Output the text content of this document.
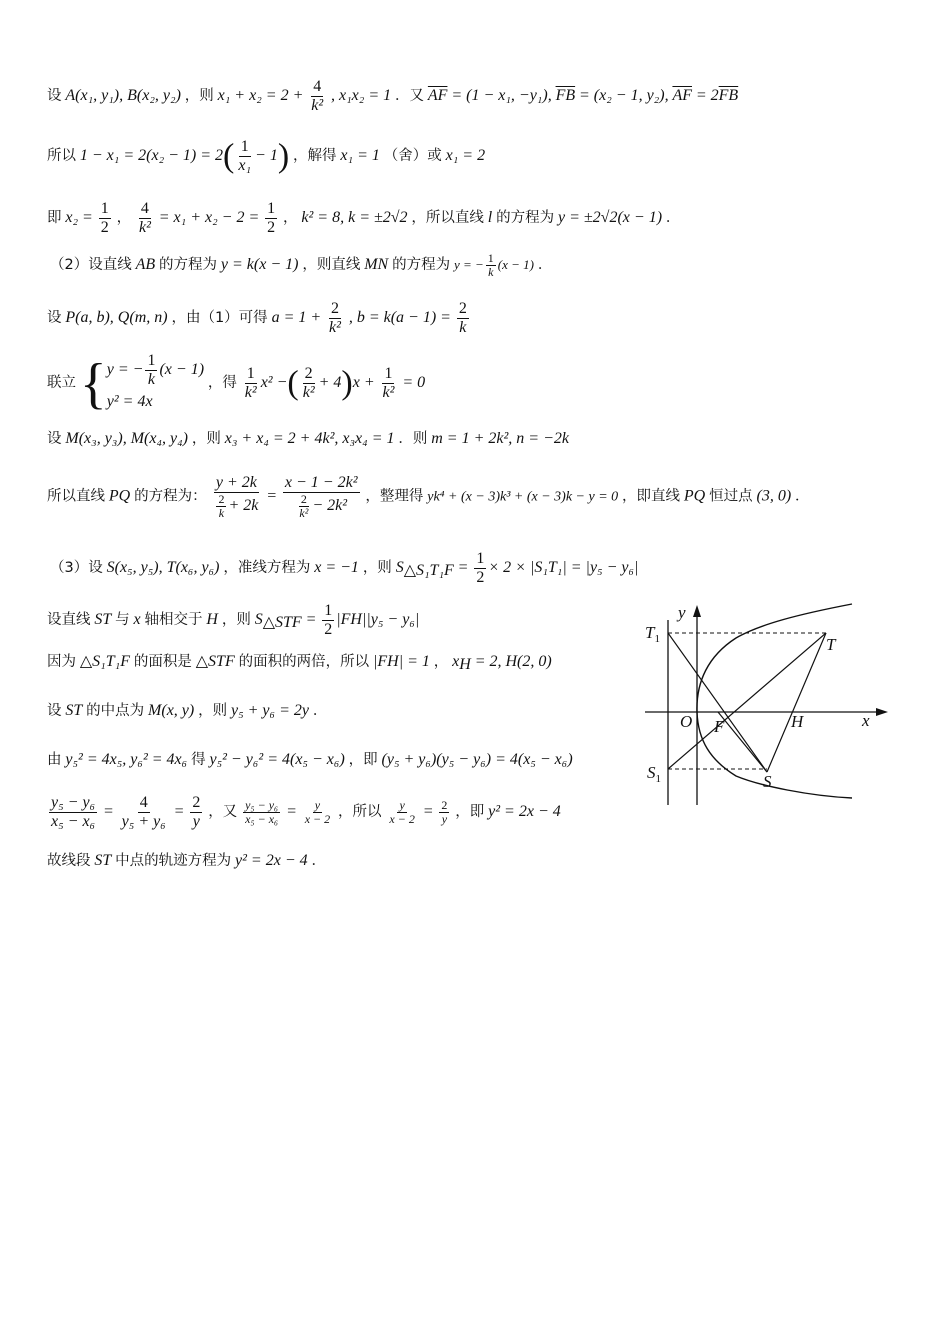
设 A(x₁, y₁), B(x₂, y₂) ，则 $x_1 + x_2 = 2 + \frac{4}{\text{k²}}$ , x₁x₂ = 1 ．又 $\overline{AF} = (1 - x_1$, −y₁), $\overline{FB} = (x_2 - 1$, y₂), $\overline{AF} = 2\overline{FB}$
所以 $1 - x_1 = 2(x_2 - 1) = 2( \frac{1}{\text{x₁}} - 1)$ ，解得 x₁ = 1 （舍）或 x₁ = 2
即 $x_2 = \frac{1}{2}$ ， $\frac{4}{\text{k²}} = x_1 + x_2 - 2 = \frac{1}{2}$ ， k² = 8, k = ±2√2 ，所以直线 l 的方程为 y = ±2√2(x − 1) ．
（2）设直线 AB 的方程为 y = k(x − 1) ，则直线 MN 的方程为 y = − $\frac{1}{k} (x - 1)$ ．
设 P(a, b), Q(m, n) ，由（1）可得 $a = 1 + \frac{2}{\text{k²}}$ , $b = k(a - 1) = \frac{2}{k}$
联立 { y = − $\frac{1}{k} (x - 1)$
y² = 4x
，得 $\frac{1}{\text{k²}} x^2$ −( $\frac{2}{\text{k²}} + 4)x + \frac{1}{\text{k²}} = 0$
设 M(x₃, y₃), M(x₄, y₄) ，则 x₃ + x₄ = 2 + 4k², x₃x₄ = 1 ．则 m = 1 + 2k², n = −2k
所以直线 PQ 的方程为： $\frac{y + 2k}{\frac{2}{k} + 2k} = \frac{\text{x − 1 − 2k²}}{\frac{2}{\text{k²}} - 2k^2}$ ，整理得 yk⁴ + (x − 3)k³ + (x − 3)k − y = 0 ，即直线 PQ 恒过点 (3, 0) ．
（3）设 S(x₅, y₅), T(x₆, y₆) ，准线方程为 x = −1 ，则 $S_{\triangle S_1T_1F} = \frac{1}{2} \times 2 \times |S_1T_1| = |y_5 - y_6|$
设直线 ST 与 x 轴相交于 H ，则 $S_{\triangle STF} = \frac{1}{2} |FH||y_5 - y_6|$
因为 △S₁T₁F 的面积是 △STF 的面积的两倍，所以 |FH| = 1 ， $x_H = 2$, H(2, 0)
设 ST 的中点为 M(x, y) ，则 y₅ + y₆ = 2y ．
由 y₅² = 4x₅, y₆² = 4x₆ 得 y₅² − y₆² = 4(x₅ − x₆) ，即 (y₅ + y₆)(y₅ − y₆) = 4(x₅ − x₆)
$\frac{\text{y₅ − y₆}}{\text{x₅ − x₆}} = \frac{4}{\text{y₅ + y₆}} = \frac{2}{y}$ ，又 $\frac{\text{y₅ − y₆}}{\text{x₅ − x₆}} = \frac{y}{x - 2}$ ，所以 $\frac{y}{x - 2} = \frac{2}{y}$ ，即 y² = 2x − 4
故线段 ST 中点的轨迹方程为 y² = 2x − 4 ．
y
x
$T_1$	T
O F	H
$S_1$	S
